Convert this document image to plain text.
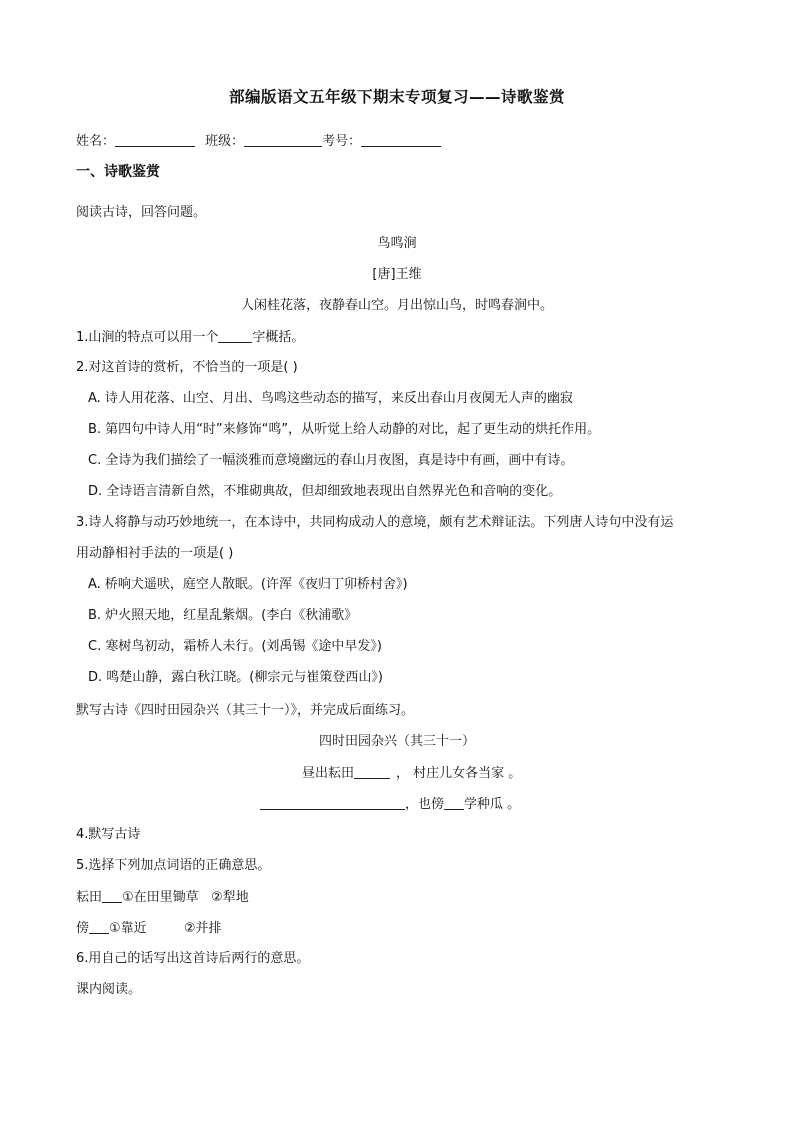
部编版语文五年级下期末专项复习——诗歌鉴赏
姓名：	班级：	考号：
一、诗歌鉴赏
阅读古诗，回答问题。
鸟鸣涧
[唐]王维
人闲桂花落，夜静春山空。月出惊山鸟，时鸣春涧中。
1.山涧的特点可以用一个	字概括。
2.对这首诗的赏析，不恰当的一项是( )
A. 诗人用花落、山空、月出、鸟鸣这些动态的描写，来反出春山月夜阒无人声的幽寂
B. 第四句中诗人用“时”来修饰“鸣”，从听觉上给人动静的对比，起了更生动的烘托作用。
C. 全诗为我们描绘了一幅淡雅而意境幽远的春山月夜图，真是诗中有画，画中有诗。
D. 全诗语言清新自然，不堆砌典故，但却细致地表现出自然界光色和音响的变化。
3.诗人将静与动巧妙地统一，在本诗中，共同构成动人的意境，颇有艺术辩证法。下列唐人诗句中没有运
用动静相衬手法的一项是( )
A. 桥响犬遥吠，庭空人散眠。(许浑《夜归丁卯桥村舍》)
B. 炉火照天地，红星乱紫烟。(李白《秋浦歌》
C. 寒树鸟初动，霜桥人未行。(刘禹锡《途中早发》)
D. 鸣楚山静，露白秋江晓。(柳宗元与崔策登西山》)
默写古诗《四时田园杂兴（其三十一）》，并完成后面练习。
四时田园杂兴（其三十一）
昼出耘田	， 村庄儿女各当家 。
，也傍 学种瓜 。
4.默写古诗
5.选择下列加点词语的正确意思。
耘田 ①在田里锄草   ②犁地
傍 ①靠近         ②并排
6.用自己的话写出这首诗后两行的意思。
课内阅读。
